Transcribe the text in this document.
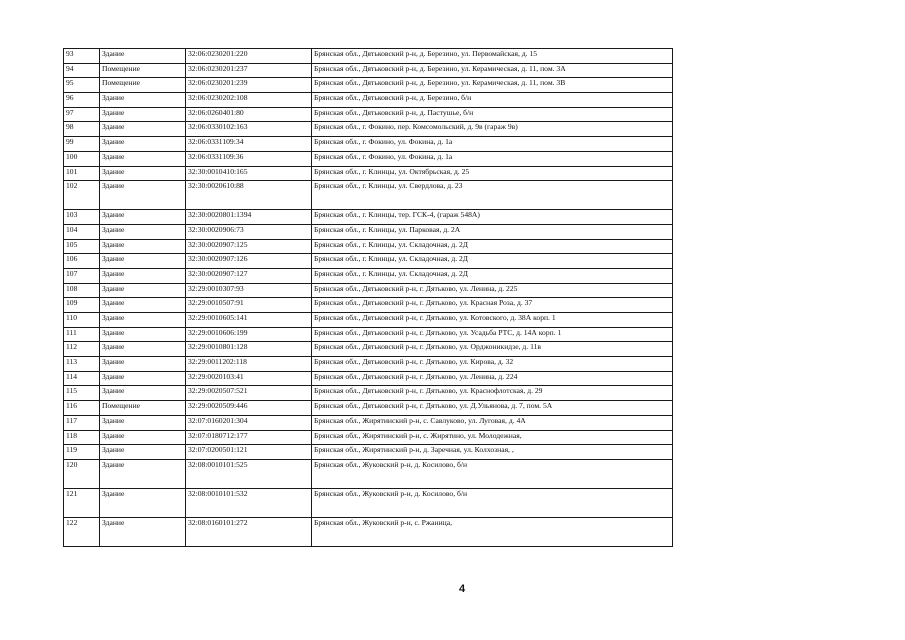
93	Здание	32:06:0230201:220	Брянская обл., Дятьковский р-н, д. Березино, ул. Первомайская, д. 15
94	Помещение	32:06:0230201:237	Брянская обл., Дятьковский р-н, д. Березино, ул. Керамическая, д. 11, пом. 3А
95	Помещение	32:06:0230201:239	Брянская обл., Дятьковский р-н, д. Березино, ул. Керамическая, д. 11, пом. 3В
96	Здание	32:06:0230202:108	Брянская обл., Дятьковский р-н, д. Березино, б/н
97	Здание	32:06:0260401:80	Брянская обл., Дятьковский р-н, д. Пастушье, б/н
98	Здание	32:06:0330102:163	Брянская обл., г. Фокино, пер. Комсомольский, д. 9в (гараж 9в)
99	Здание	32:06:0331109:34	Брянская обл., г. Фокино, ул. Фокина, д. 1а
100	Здание	32:06:0331109:36	Брянская обл., г. Фокино, ул. Фокина, д. 1а
101	Здание	32:30:0010410:165	Брянская обл., г. Клинцы, ул. Октябрьская, д. 25
102	Здание	32:30:0020610:88	Брянская обл., г. Клинцы, ул. Свердлова, д. 23
103	Здание	32:30:0020801:1394	Брянская обл., г. Клинцы, тер. ГСК-4, (гараж 548А)
104	Здание	32:30:0020906:73	Брянская обл., г. Клинцы, ул. Парковая, д. 2А
105	Здание	32:30:0020907:125	Брянская обл., г. Клинцы, ул. Складочная, д. 2Д
106	Здание	32:30:0020907:126	Брянская обл., г. Клинцы, ул. Складочная, д. 2Д
107	Здание	32:30:0020907:127	Брянская обл., г. Клинцы, ул. Складочная, д. 2Д
108	Здание	32:29:0010307:93	Брянская обл., Дятьковский р-н, г. Дятьково, ул. Ленина, д. 225
109	Здание	32:29:0010507:91	Брянская обл., Дятьковский р-н, г. Дятьково, ул. Красная Роза, д. 37
110	Здание	32:29:0010605:141	Брянская обл., Дятьковский р-н, г. Дятьково, ул. Котовского, д. 38А корп. 1
111	Здание	32:29:0010606:199	Брянская обл., Дятьковский р-н, г. Дятьково, ул. Усадьба РТС, д. 14А корп. 1
112	Здание	32:29:0010801:128	Брянская обл., Дятьковский р-н, г. Дятьково, ул. Орджоникидзе, д. 11в
113	Здание	32:29:0011202:118	Брянская обл., Дятьковский р-н, г. Дятьково, ул. Кирова, д. 32
114	Здание	32:29:0020103:41	Брянская обл., Дятьковский р-н, г. Дятьково, ул. Ленина, д. 224
115	Здание	32:29:0020507:521	Брянская обл., Дятьковский р-н, г. Дятьково, ул. Краснофлотская, д. 29
116	Помещение	32:29:0020509:446	Брянская обл., Дятьковский р-н, г. Дятьково, ул. Д.Ульянова, д. 7, пом. 5А
117	Здание	32:07:0160201:304	Брянская обл., Жирятинский р-н, с. Савлуково, ул. Луговая, д. 4А
118	Здание	32:07:0180712:177	Брянская обл., Жирятинский р-н, с. Жирятино, ул. Молодежная,
119	Здание	32:07:0200501:121	Брянская обл., Жирятинский р-н, д. Заречная, ул. Колхозная, ,
120	Здание	32:08:0010101:525	Брянская обл., Жуковский р-н, д. Косилово, б/н
121	Здание	32:08:0010101:532	Брянская обл., Жуковский р-н, д. Косилово, б/н
122	Здание	32:08:0160101:272	Брянская обл., Жуковский р-н, с. Ржаница,
4
